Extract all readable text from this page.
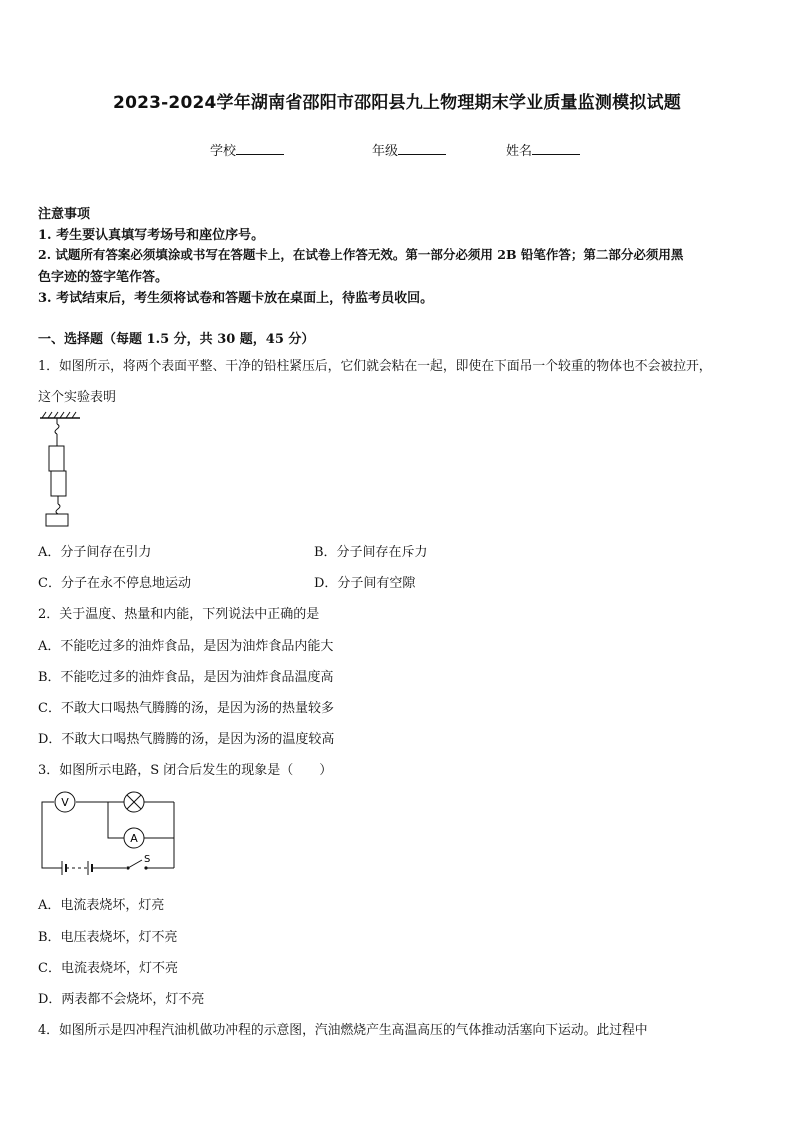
2023-2024学年湖南省邵阳市邵阳县九上物理期末学业质量监测模拟试题
学校	年级	姓名
注意事项
1. 考生要认真填写考场号和座位序号。
2. 试题所有答案必须填涂或书写在答题卡上，在试卷上作答无效。第一部分必须用 2B 铅笔作答；第二部分必须用黑
色字迹的签字笔作答。
3. 考试结束后，考生须将试卷和答题卡放在桌面上，待监考员收回。
一、选择题（每题 1.5 分，共 30 题，45 分）
1．如图所示，将两个表面平整、干净的铅柱紧压后，它们就会粘在一起，即使在下面吊一个较重的物体也不会被拉开，
这个实验表明
A．分子间存在引力	B．分子间存在斥力
C．分子在永不停息地运动	D．分子间有空隙
2．关于温度、热量和内能，下列说法中正确的是
A．不能吃过多的油炸食品，是因为油炸食品内能大
B．不能吃过多的油炸食品，是因为油炸食品温度高
C．不敢大口喝热气腾腾的汤，是因为汤的热量较多
D．不敢大口喝热气腾腾的汤，是因为汤的温度较高
3．如图所示电路，S 闭合后发生的现象是（　　）
V
A
S
A．电流表烧坏，灯亮
B．电压表烧坏，灯不亮
C．电流表烧坏，灯不亮
D．两表都不会烧坏，灯不亮
4．如图所示是四冲程汽油机做功冲程的示意图，汽油燃烧产生高温高压的气体推动活塞向下运动。此过程中
